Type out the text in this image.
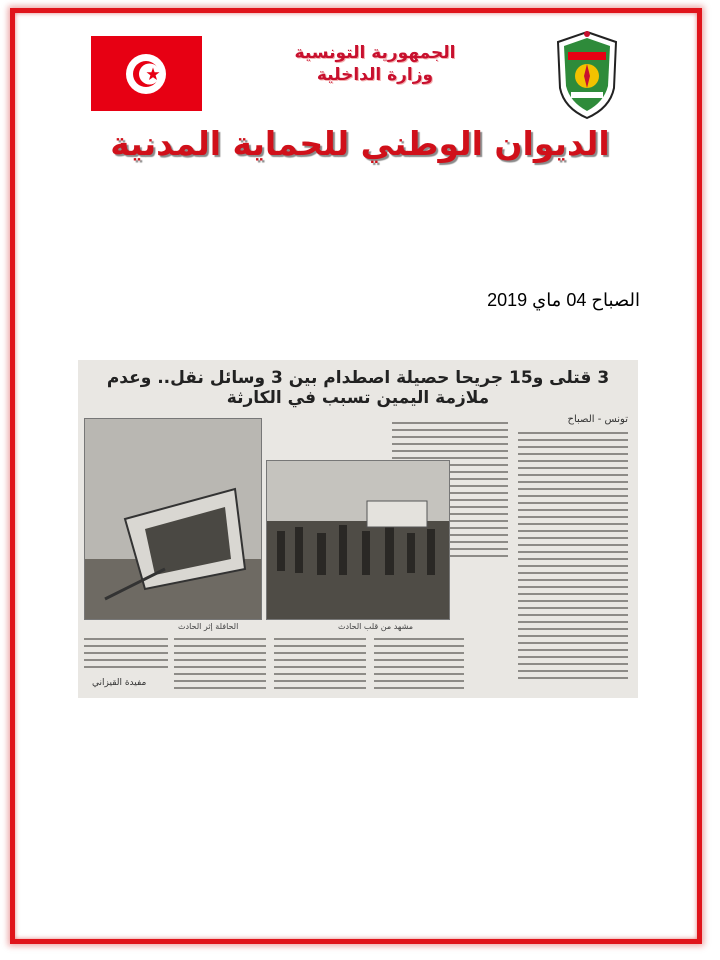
الجمهورية التونسية
وزارة الداخلية
الديوان الوطني للحماية المدنية
الصباح 04 ماي 2019
3 قتلى و15 جريحا حصيلة اصطدام بين 3 وسائل نقل.. وعدم ملازمة اليمين تسبب في الكارثة
تونس - الصباح
الحافلة إثر الحادث	مشهد من قلب الحادث
مفيدة القيزاني
